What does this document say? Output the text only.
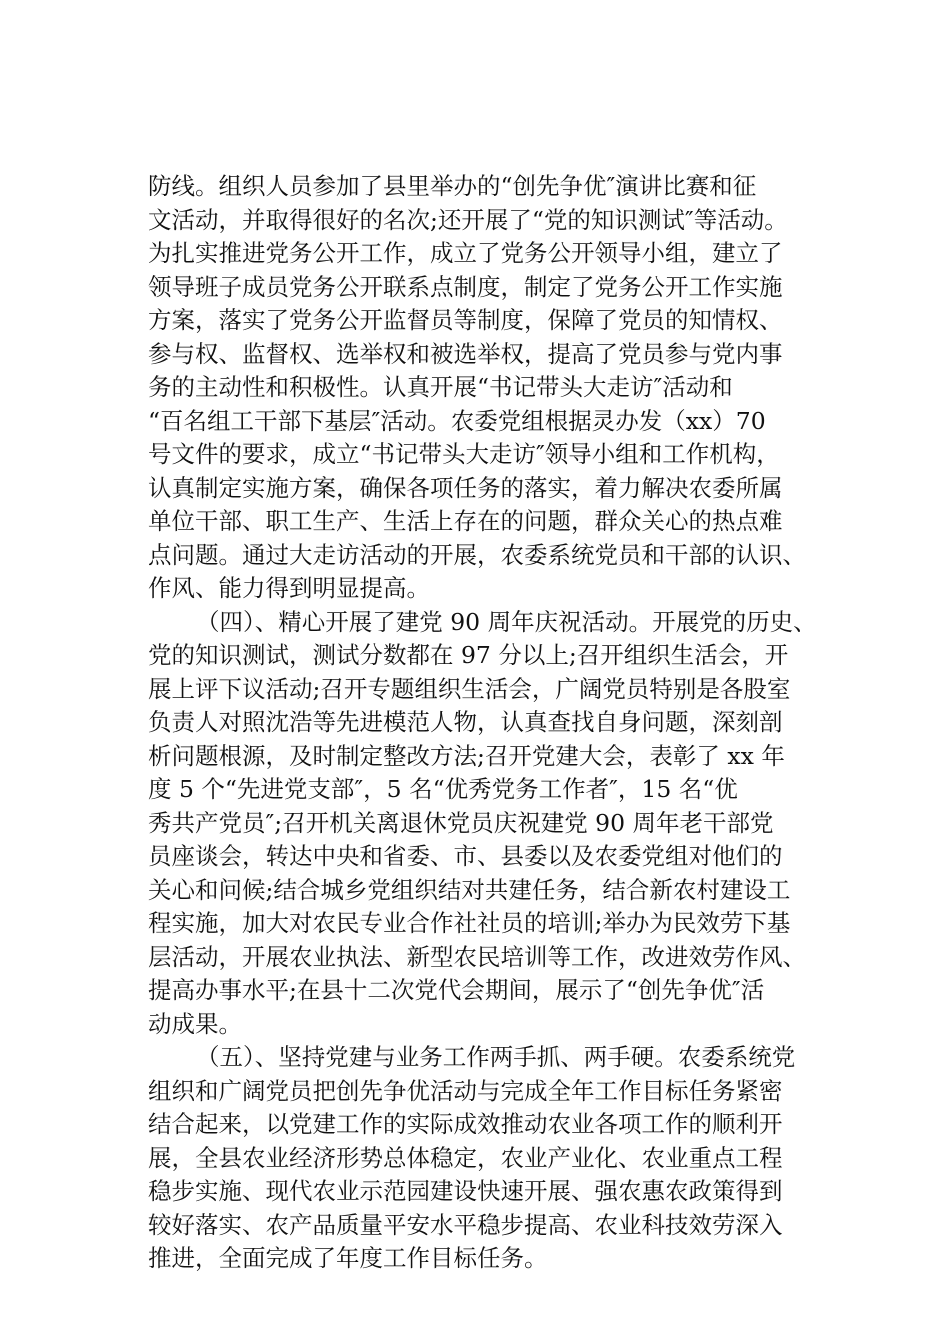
防线。组织人员参加了县里举办的“创先争优″演讲比赛和征
文活动，并取得很好的名次;还开展了“党的知识测试″等活动。
为扎实推进党务公开工作，成立了党务公开领导小组，建立了
领导班子成员党务公开联系点制度，制定了党务公开工作实施
方案，落实了党务公开监督员等制度，保障了党员的知情权、
参与权、监督权、选举权和被选举权，提高了党员参与党内事
务的主动性和积极性。认真开展“书记带头大走访″活动和
“百名组工干部下基层″活动。农委党组根据灵办发（xx）70
号文件的要求，成立“书记带头大走访″领导小组和工作机构，
认真制定实施方案，确保各项任务的落实，着力解决农委所属
单位干部、职工生产、生活上存在的问题，群众关心的热点难
点问题。通过大走访活动的开展，农委系统党员和干部的认识、
作风、能力得到明显提高。
（四）、精心开展了建党 90 周年庆祝活动。开展党的历史、
党的知识测试，测试分数都在 97 分以上;召开组织生活会，开
展上评下议活动;召开专题组织生活会，广阔党员特别是各股室
负责人对照沈浩等先进模范人物，认真查找自身问题，深刻剖
析问题根源，及时制定整改方法;召开党建大会，表彰了 xx 年
度 5 个“先进党支部″，5 名“优秀党务工作者″，15 名“优
秀共产党员″;召开机关离退休党员庆祝建党 90 周年老干部党
员座谈会，转达中央和省委、市、县委以及农委党组对他们的
关心和问候;结合城乡党组织结对共建任务，结合新农村建设工
程实施，加大对农民专业合作社社员的培训;举办为民效劳下基
层活动，开展农业执法、新型农民培训等工作，改进效劳作风、
提高办事水平;在县十二次党代会期间，展示了“创先争优″活
动成果。
（五）、坚持党建与业务工作两手抓、两手硬。农委系统党
组织和广阔党员把创先争优活动与完成全年工作目标任务紧密
结合起来，以党建工作的实际成效推动农业各项工作的顺利开
展，全县农业经济形势总体稳定，农业产业化、农业重点工程
稳步实施、现代农业示范园建设快速开展、强农惠农政策得到
较好落实、农产品质量平安水平稳步提高、农业科技效劳深入
推进，全面完成了年度工作目标任务。
